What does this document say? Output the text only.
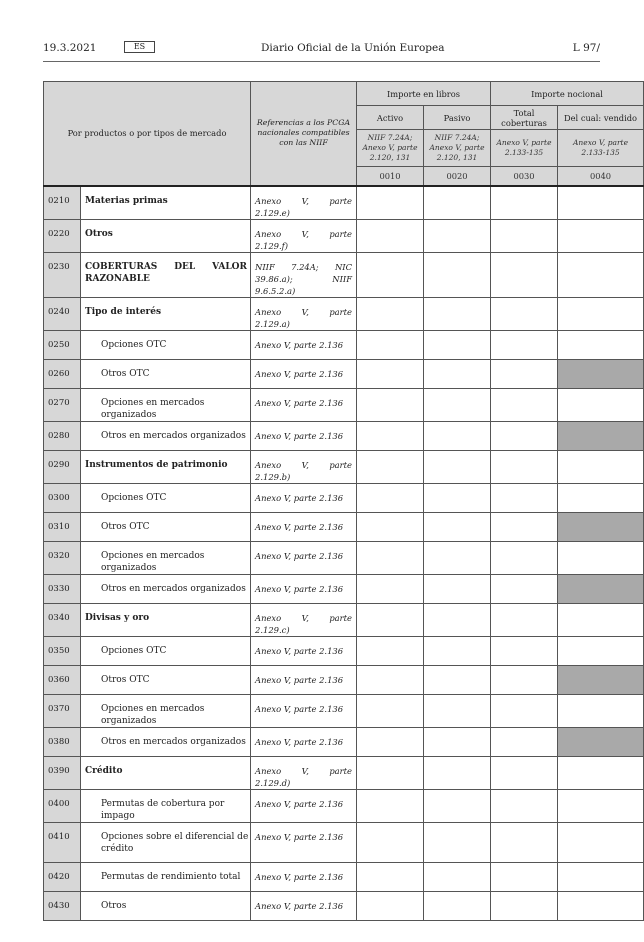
19.3.2021	ES	Diario Oficial de la Unión Europea	L 97/
Por productos o por tipos de mercado		Referencias a los PCGA nacionales compatibles con las NIIF	Importe en libros		Importe nocional	
			Activo	Pasivo	Total coberturas	Del cual: vendido
			NIIF 7.24A; Anexo V, parte 2.120, 131	NIIF 7.24A; Anexo V, parte 2.120, 131	Anexo V, parte 2.133-135	Anexo V, parte 2.133-135
			0010	0020	0030	0040
0210	Materias primas	Anexo V, parte 2.129.e)				
0220	Otros	Anexo V, parte 2.129.f)				
0230	COBERTURAS DEL VALOR RAZONABLE	NIIF 7.24A; NIC 39.86.a); NIIF 9.6.5.2.a)				
0240	Tipo de interés	Anexo V, parte 2.129.a)				
0250	Opciones OTC	Anexo V, parte 2.136				
0260	Otros OTC	Anexo V, parte 2.136				
0270	Opciones en mercados organizados	Anexo V, parte 2.136				
0280	Otros en mercados organizados	Anexo V, parte 2.136				
0290	Instrumentos de patrimonio	Anexo V, parte 2.129.b)				
0300	Opciones OTC	Anexo V, parte 2.136				
0310	Otros OTC	Anexo V, parte 2.136				
0320	Opciones en mercados organizados	Anexo V, parte 2.136				
0330	Otros en mercados organizados	Anexo V, parte 2.136				
0340	Divisas y oro	Anexo V, parte 2.129.c)				
0350	Opciones OTC	Anexo V, parte 2.136				
0360	Otros OTC	Anexo V, parte 2.136				
0370	Opciones en mercados organizados	Anexo V, parte 2.136				
0380	Otros en mercados organizados	Anexo V, parte 2.136				
0390	Crédito	Anexo V, parte 2.129.d)				
0400	Permutas de cobertura por impago	Anexo V, parte 2.136				
0410	Opciones sobre el diferencial de crédito	Anexo V, parte 2.136				
0420	Permutas de rendimiento total	Anexo V, parte 2.136				
0430	Otros	Anexo V, parte 2.136				
